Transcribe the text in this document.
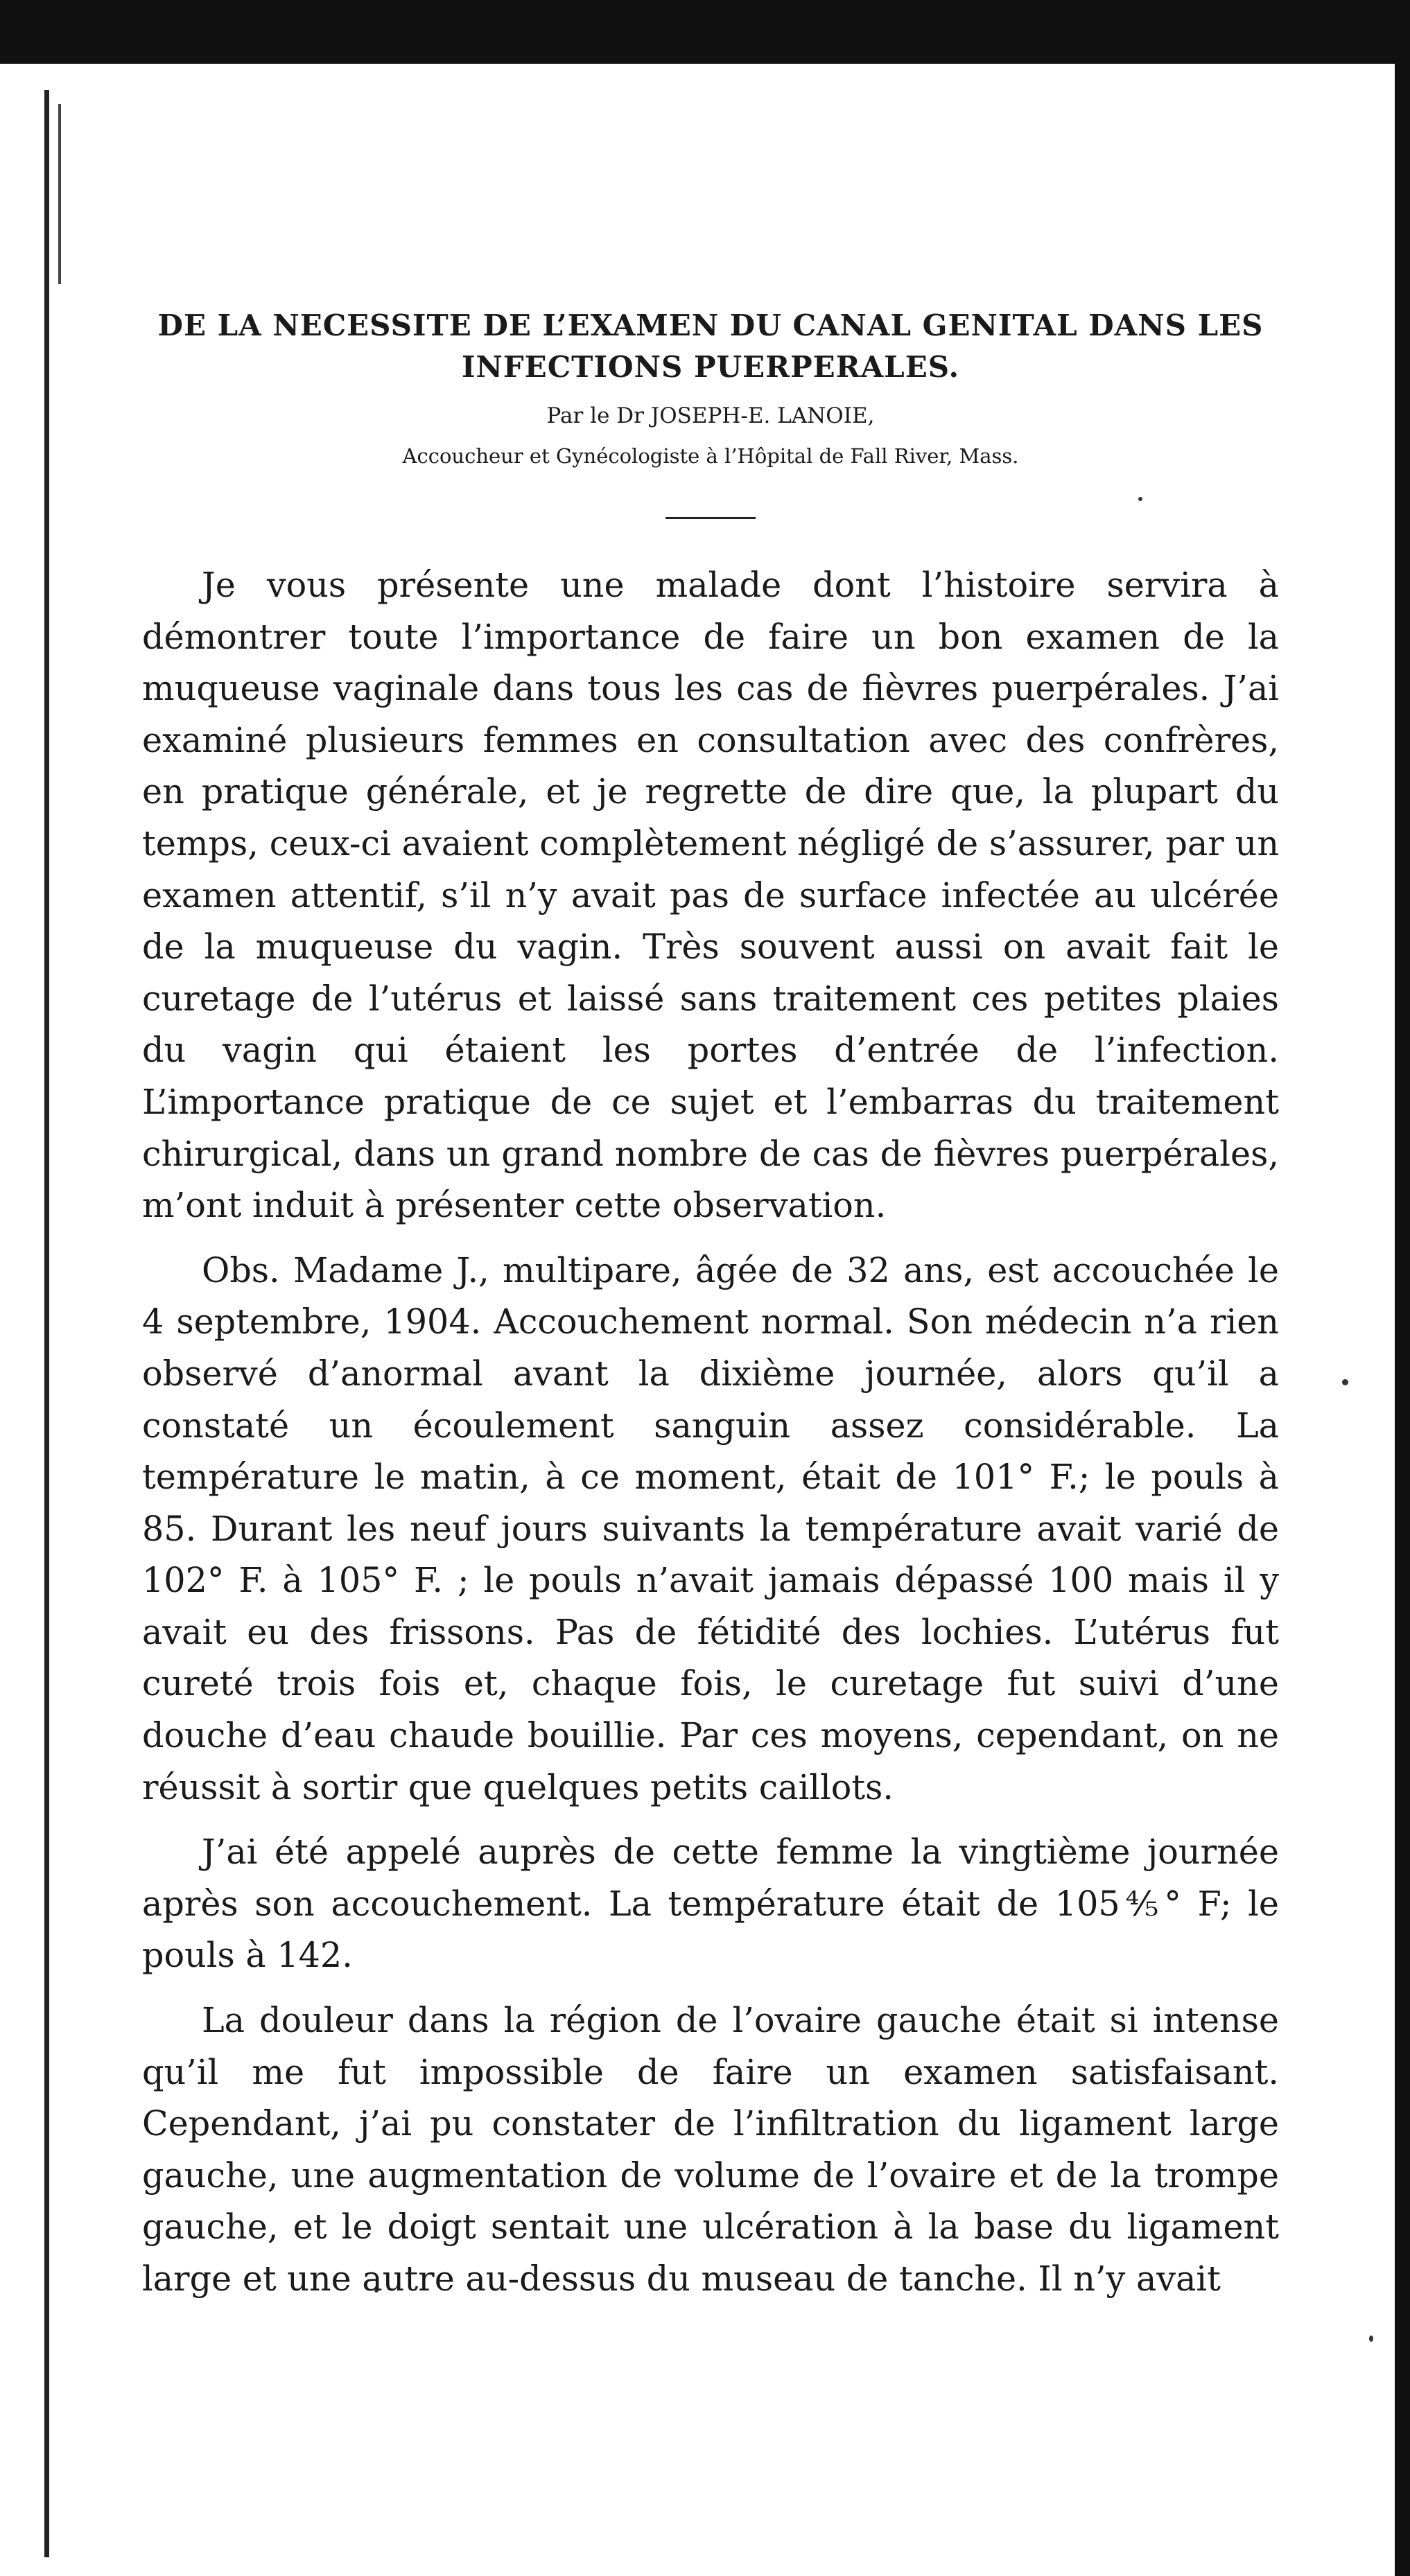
DE LA NECESSITE DE L’EXAMEN DU CANAL GENITAL DANS LES
INFECTIONS PUERPERALES.
Par le Dr JOSEPH-E. LANOIE,
Accoucheur et Gynécologiste à l’Hôpital de Fall River, Mass.

Je vous présente une malade dont l’histoire servira à démontrer toute l’importance de faire un bon examen de la muqueuse vaginale dans tous les cas de fièvres puerpérales. J’ai examiné plusieurs femmes en consultation avec des confrères, en pratique générale, et je regrette de dire que, la plupart du temps, ceux-ci avaient complètement négligé de s’assurer, par un examen attentif, s’il n’y avait pas de surface infectée au ulcérée de la muqueuse du vagin. Très souvent aussi on avait fait le curetage de l’utérus et laissé sans traitement ces petites plaies du vagin qui étaient les portes d’entrée de l’infection. L’importance pratique de ce sujet et l’embarras du traitement chirurgical, dans un grand nombre de cas de fièvres puerpérales, m’ont induit à présenter cette observation.

Obs. Madame J., multipare, âgée de 32 ans, est accouchée le 4 septembre, 1904. Accouchement normal. Son médecin n’a rien observé d’anormal avant la dixième journée, alors qu’il a constaté un écoulement sanguin assez considérable. La température le matin, à ce moment, était de 101° F.; le pouls à 85. Durant les neuf jours suivants la température avait varié de 102° F. à 105° F. ; le pouls n’avait jamais dépassé 100 mais il y avait eu des frissons. Pas de fétidité des lochies. L’utérus fut cureté trois fois et, chaque fois, le curetage fut suivi d’une douche d’eau chaude bouillie. Par ces moyens, cependant, on ne réussit à sortir que quelques petits caillots.

J’ai été appelé auprès de cette femme la vingtième journée après son accouchement. La température était de 105⅘° F; le pouls à 142.

La douleur dans la région de l’ovaire gauche était si intense qu’il me fut impossible de faire un examen satisfaisant. Cependant, j’ai pu constater de l’infiltration du ligament large gauche, une augmentation de volume de l’ovaire et de la trompe gauche, et le doigt sentait une ulcération à la base du ligament large et une autre au-dessus du museau de tanche. Il n’y avait
